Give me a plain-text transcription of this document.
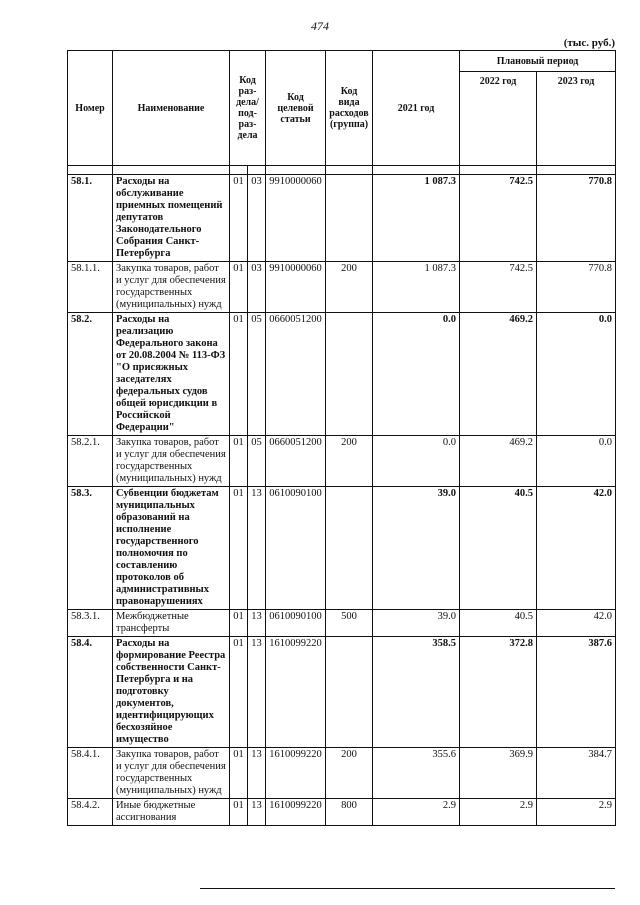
474
(тыс. руб.)
Номер	Наименование	Код раз-дела/ под-раз-дела		Код целевой статьи	Код вида расходов (группа)	2021 год	Плановый период	
							2022 год	2023 год

58.1.	Расходы на обслуживание приемных помещений депутатов Законодательного Собрания Санкт-Петербурга	01	03	9910000060		1 087.3	742.5	770.8
58.1.1.	Закупка товаров, работ и услуг для обеспечения государственных (муниципальных) нужд	01	03	9910000060	200	1 087.3	742.5	770.8
58.2.	Расходы на реализацию Федерального закона от 20.08.2004 № 113-ФЗ "О присяжных заседателях федеральных судов общей юрисдикции в Российской Федерации"	01	05	0660051200		0.0	469.2	0.0
58.2.1.	Закупка товаров, работ и услуг для обеспечения государственных (муниципальных) нужд	01	05	0660051200	200	0.0	469.2	0.0
58.3.	Субвенции бюджетам муниципальных образований на исполнение государственного полномочия по составлению протоколов об административных правонарушениях	01	13	0610090100		39.0	40.5	42.0
58.3.1.	Межбюджетные трансферты	01	13	0610090100	500	39.0	40.5	42.0
58.4.	Расходы на формирование Реестра собственности Санкт-Петербурга и на подготовку документов, идентифицирующих бесхозяйное имущество	01	13	1610099220		358.5	372.8	387.6
58.4.1.	Закупка товаров, работ и услуг для обеспечения государственных (муниципальных) нужд	01	13	1610099220	200	355.6	369.9	384.7
58.4.2.	Иные бюджетные ассигнования	01	13	1610099220	800	2.9	2.9	2.9
